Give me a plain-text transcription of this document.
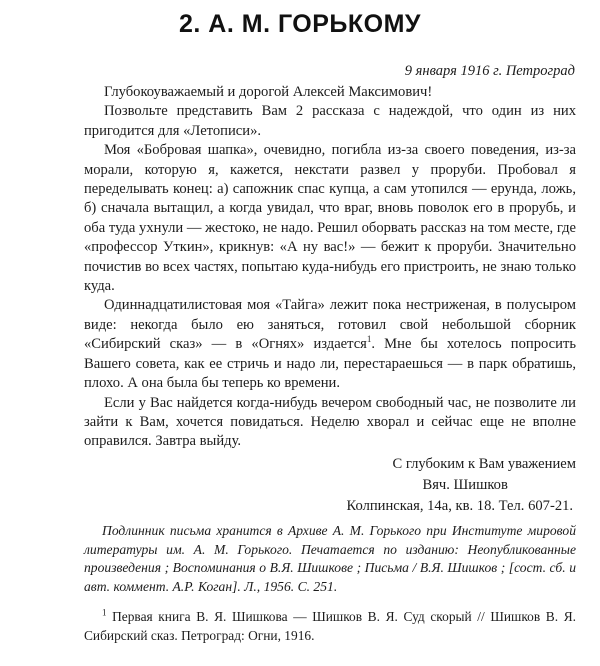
2. А. М. ГОРЬКОМУ
9 января 1916 г. Петроград

Глубокоуважаемый и дорогой Алексей Максимович!

Позвольте представить Вам 2 рассказа с надеждой, что один из них пригодится для «Летописи».

Моя «Бобровая шапка», очевидно, погибла из-за своего поведения, из-за морали, которую я, кажется, некстати развел у проруби. Пробовал я переделывать конец: а) сапожник спас купца, а сам утопился — ерунда, ложь, б) сначала вытащил, а когда увидал, что враг, вновь поволок его в прорубь, и оба туда ухнули — жестоко, не надо. Решил оборвать рассказ на том месте, где «профессор Уткин», крикнув: «А ну вас!» — бежит к проруби. Значительно почистив во всех частях, попытаю куда-нибудь его пристроить, не знаю только куда.

Одиннадцатилистовая моя «Тайга» лежит пока нестриженая, в полусыром виде: некогда было ею заняться, готовил свой небольшой сборник «Сибирский сказ» — в «Огнях» издается$^1$. Мне бы хотелось попросить Вашего совета, как ее стричь и надо ли, перестараешься — в парк обратишь, плохо. А она была бы теперь ко времени.

Если у Вас найдется когда-нибудь вечером свободный час, не позволите ли зайти к Вам, хочется повидаться. Неделю хворал и сейчас еще не вполне оправился. Завтра выйду.

С глубоким к Вам уважением
Вяч. Шишков
Колпинская, 14а, кв. 18. Тел. 607-21.

Подлинник письма хранится в Архиве А. М. Горького при Институте мировой литературы им. А. М. Горького. Печатается по изданию: Неопубликованные произведения ; Воспоминания о В.Я. Шишкове ; Письма / В.Я. Шишков ; [сост. сб. и авт. коммент. А.Р. Коган]. Л., 1956. С. 251.

$^1$ Первая книга В. Я. Шишкова — Шишков В. Я. Суд скорый // Шишков В. Я. Сибирский сказ. Петроград: Огни, 1916.
